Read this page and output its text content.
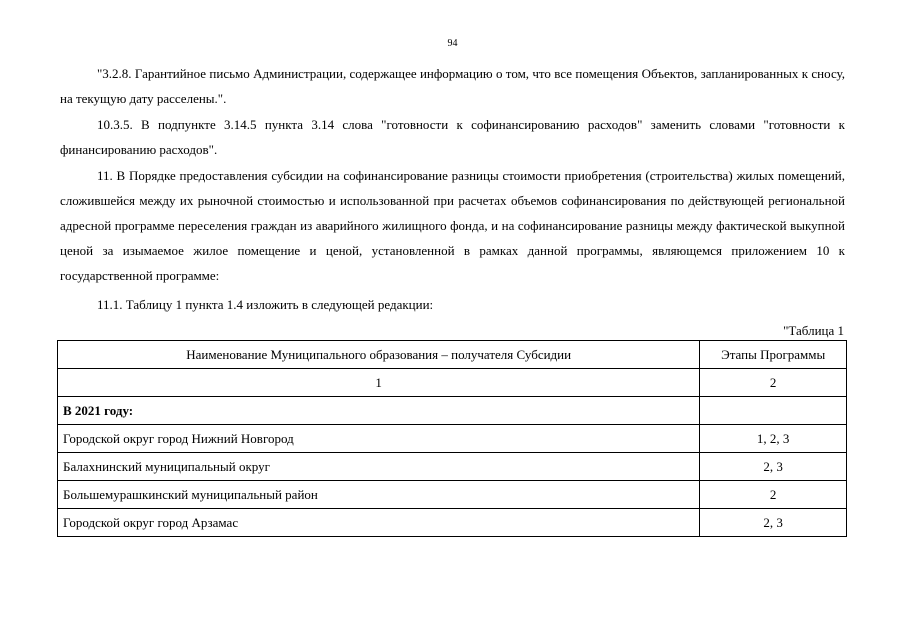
94

"3.2.8. Гарантийное письмо Администрации, содержащее информацию о том, что все помещения Объектов, запланированных к сносу, на текущую дату расселены.".

10.3.5. В подпункте 3.14.5 пункта 3.14 слова "готовности к софинансированию расходов" заменить словами "готовности к финансированию расходов".

11. В Порядке предоставления субсидии на софинансирование разницы стоимости приобретения (строительства) жилых помещений, сложившейся между их рыночной стоимостью и использованной при расчетах объемов софинансирования по действующей региональной адресной программе переселения граждан из аварийного жилищного фонда, и на софинансирование разницы между фактической выкупной ценой за изымаемое жилое помещение и ценой, установленной в рамках данной программы, являющемся приложением 10 к государственной программе:

11.1. Таблицу 1 пункта 1.4 изложить в следующей редакции:

"Таблица 1
Наименование Муниципального образования – получателя Субсидии	Этапы Программы
1	2
В 2021 году:	
Городской округ город Нижний Новгород	1, 2, 3
Балахнинский муниципальный округ	2, 3
Большемурашкинский муниципальный район	2
Городской округ город Арзамас	2, 3
